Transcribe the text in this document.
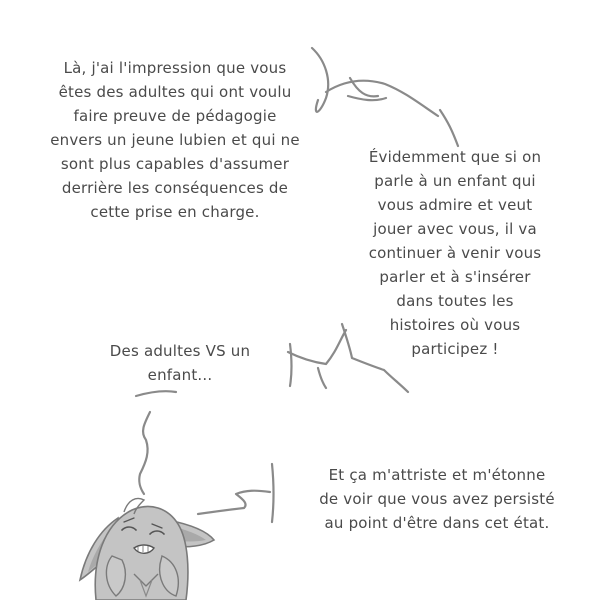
Là, j'ai l'impression que vous
êtes des adultes qui ont voulu
faire preuve de pédagogie
envers un jeune lubien et qui ne
sont plus capables d'assumer
derrière les conséquences de
cette prise en charge.
Évidemment que si on
parle à un enfant qui
vous admire et veut
jouer avec vous, il va
continuer à venir vous
parler et à s'insérer
dans toutes les
histoires où vous
participez !
Des adultes VS un
enfant...
Et ça m'attriste et m'étonne
de voir que vous avez persisté
au point d'être dans cet état.
